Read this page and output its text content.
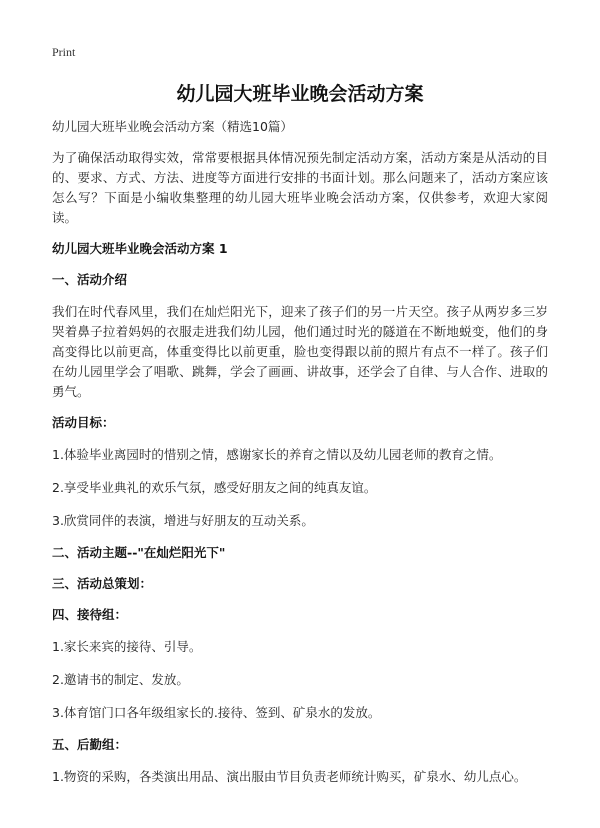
Print
幼儿园大班毕业晚会活动方案
幼儿园大班毕业晚会活动方案（精选10篇）
为了确保活动取得实效，常常要根据具体情况预先制定活动方案，活动方案是从活动的目的、要求、方式、方法、进度等方面进行安排的书面计划。那么问题来了，活动方案应该怎么写？下面是小编收集整理的幼儿园大班毕业晚会活动方案，仅供参考，欢迎大家阅读。
幼儿园大班毕业晚会活动方案 1
一、活动介绍
我们在时代春风里，我们在灿烂阳光下，迎来了孩子们的另一片天空。孩子从两岁多三岁哭着鼻子拉着妈妈的衣服走进我们幼儿园，他们通过时光的隧道在不断地蜕变，他们的身高变得比以前更高，体重变得比以前更重，脸也变得跟以前的照片有点不一样了。孩子们在幼儿园里学会了唱歌、跳舞，学会了画画、讲故事，还学会了自律、与人合作、进取的勇气。
活动目标：
1.体验毕业离园时的惜别之情，感谢家长的养育之情以及幼儿园老师的教育之情。
2.享受毕业典礼的欢乐气氛，感受好朋友之间的纯真友谊。
3.欣赏同伴的表演，增进与好朋友的互动关系。
二、活动主题--"在灿烂阳光下"
三、活动总策划：
四、接待组：
1.家长来宾的接待、引导。
2.邀请书的制定、发放。
3.体育馆门口各年级组家长的.接待、签到、矿泉水的发放。
五、后勤组：
1.物资的采购，各类演出用品、演出服由节目负责老师统计购买，矿泉水、幼儿点心。
